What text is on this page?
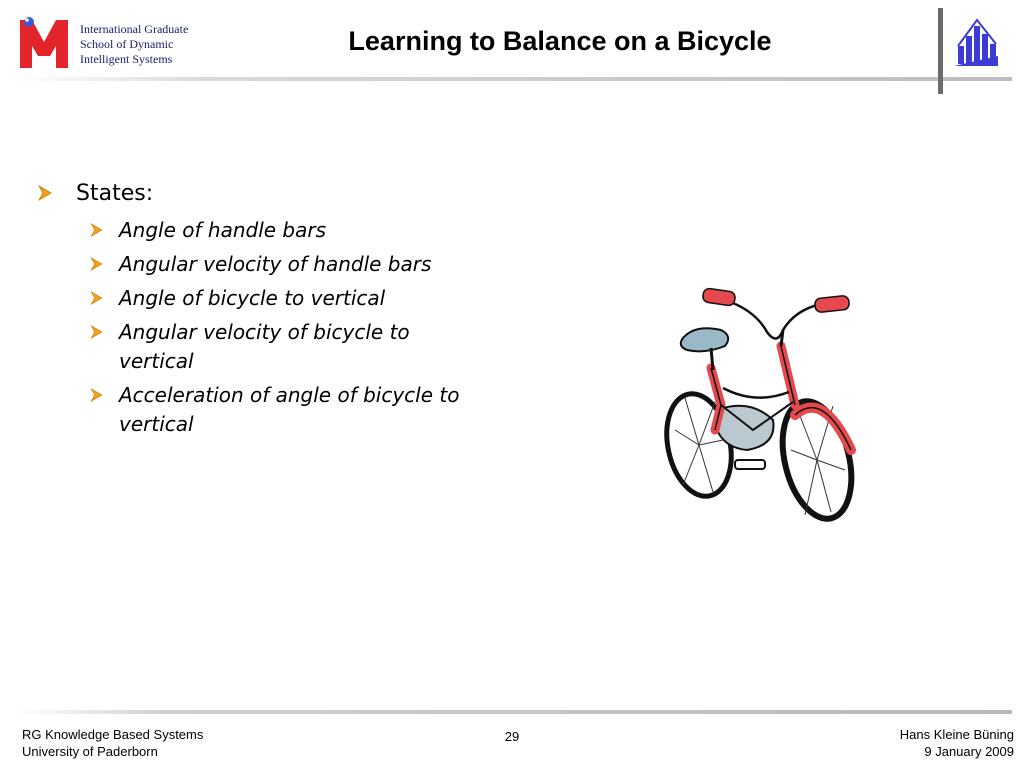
International Graduate
School of Dynamic
Intelligent Systems
Learning to Balance on a Bicycle
States:
Angle of handle bars
Angular velocity of handle bars
Angle of bicycle to vertical
Angular velocity of bicycle to vertical
Acceleration of angle of bicycle to vertical
RG Knowledge Based Systems
University of Paderborn
29	Hans Kleine Büning
9 January 2009
